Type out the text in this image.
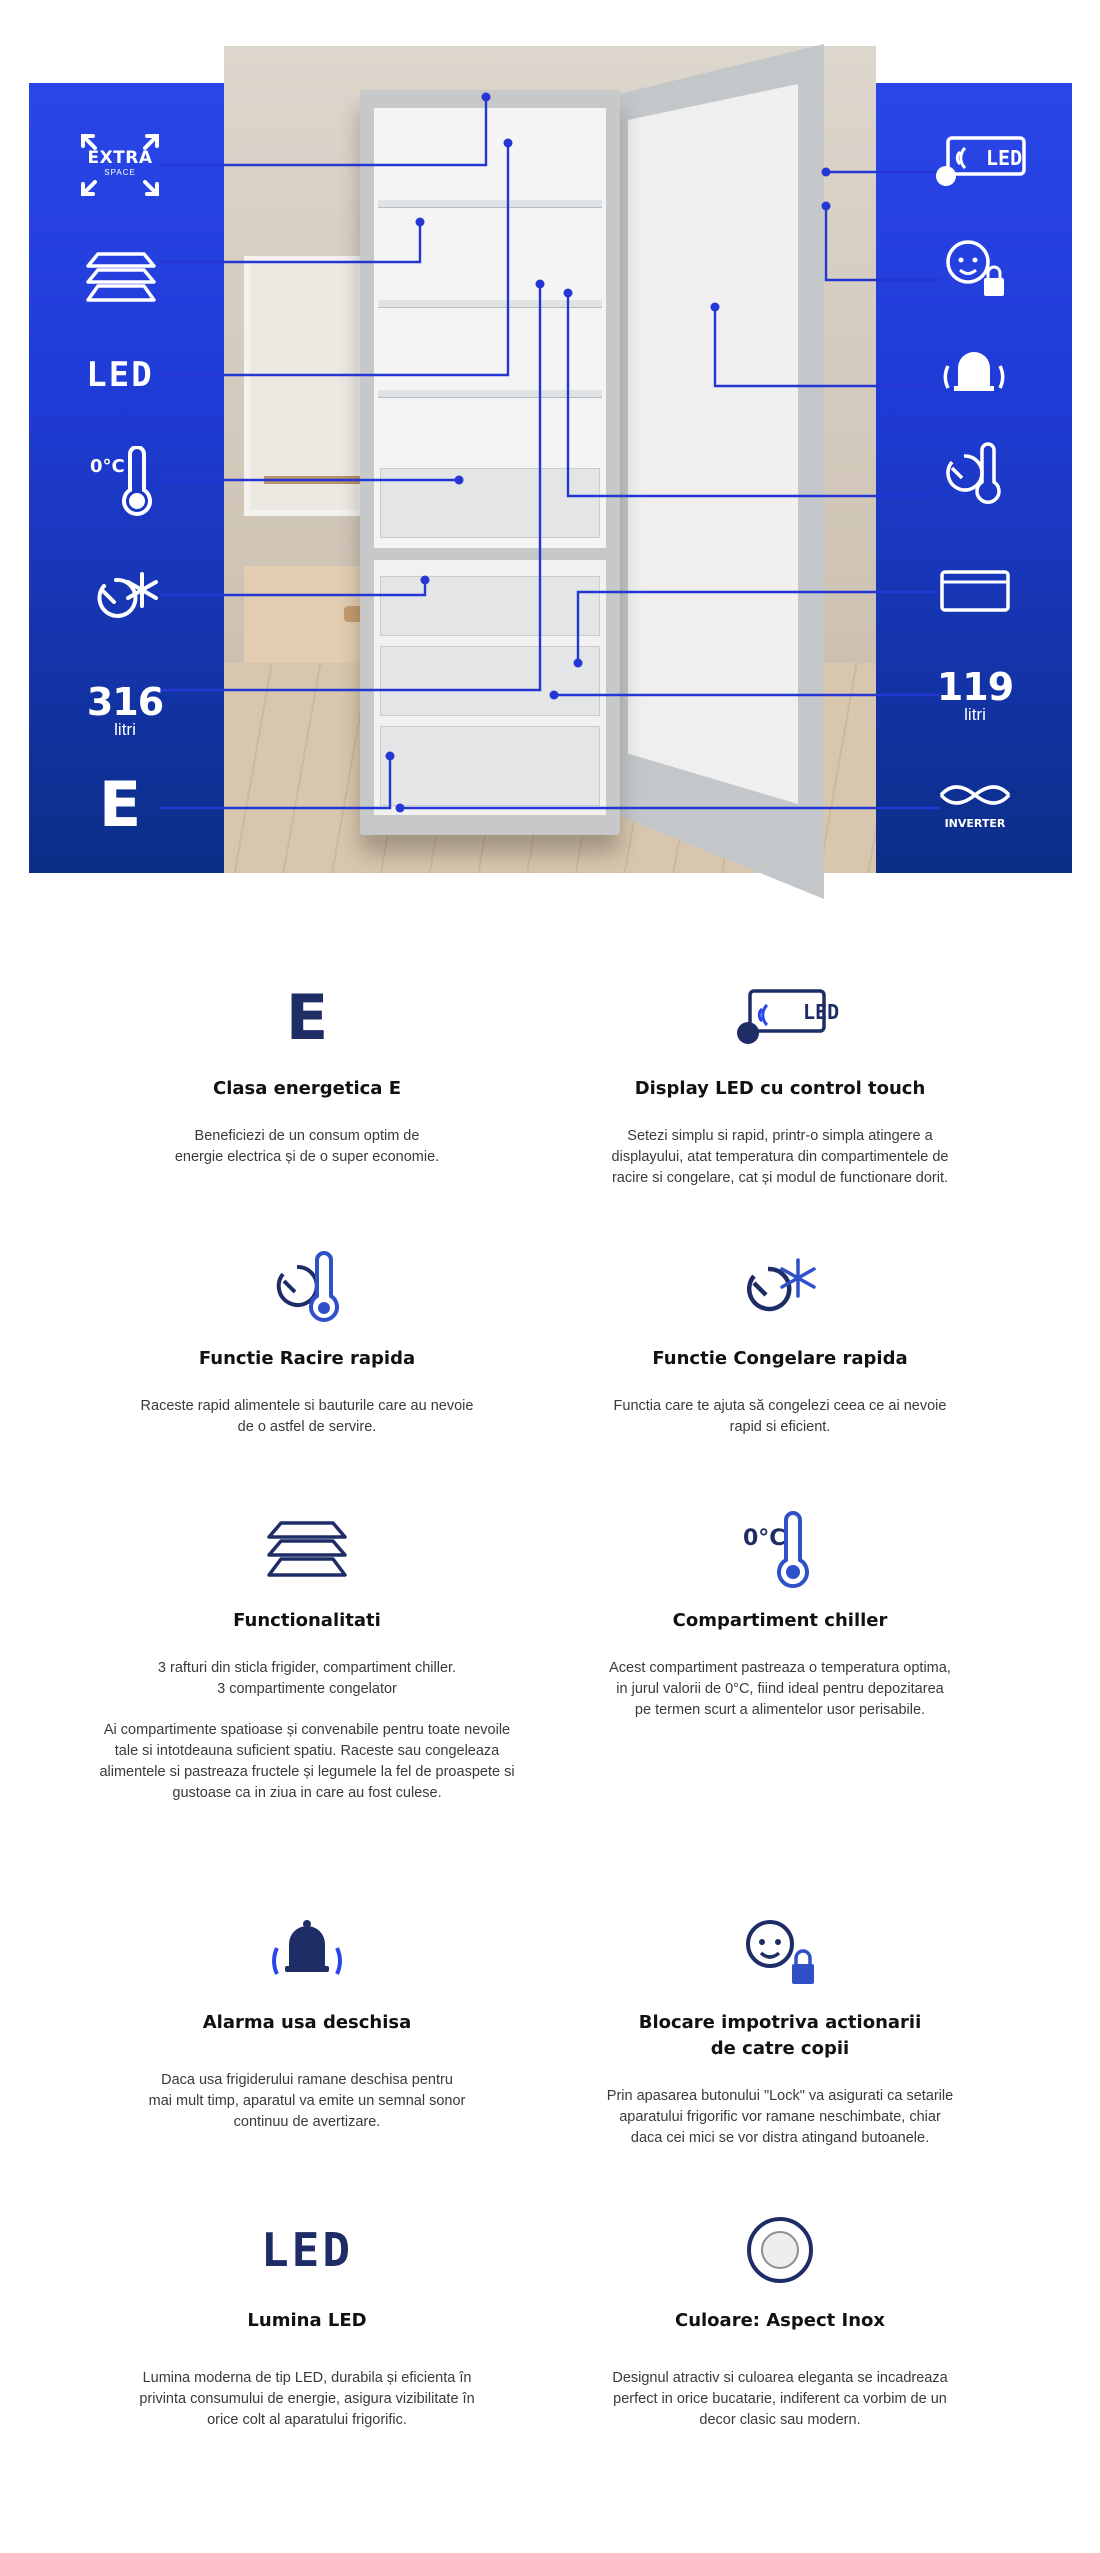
EXTRA
SPACE
LED
0°C
316
litri
E
LED
119
litri
INVERTER
E
Clasa energetica E

Beneficiezi de un consum optim de
energie electrica și de o super economie.

LED
Display LED cu control touch

Setezi simplu si rapid, printr-o simpla atingere a
displayului, atat temperatura din compartimentele de
racire si congelare, cat și modul de functionare dorit.

Functie Racire rapida

Raceste rapid alimentele si bauturile care au nevoie
de o astfel de servire.

Functie Congelare rapida

Functia care te ajuta să congelezi ceea ce ai nevoie
rapid si eficient.

Functionalitati

3 rafturi din sticla frigider, compartiment chiller.
3 compartimente congelator

Ai compartimente spatioase și convenabile pentru toate nevoile
tale si intotdeauna suficient spatiu. Raceste sau congeleaza
alimentele si pastreaza fructele și legumele la fel de proaspete si
gustoase ca in ziua in care au fost culese.

0°C
Compartiment chiller

Acest compartiment pastreaza o temperatura optima,
in jurul valorii de 0°C, fiind ideal pentru depozitarea
pe termen scurt a alimentelor usor perisabile.

Alarma usa deschisa

Daca usa frigiderului ramane deschisa pentru
mai mult timp, aparatul va emite un semnal sonor
continuu de avertizare.

Blocare impotriva actionarii
de catre copii

Prin apasarea butonului "Lock" va asigurati ca setarile
aparatului frigorific vor ramane neschimbate, chiar
daca cei mici se vor distra atingand butoanele.

LED
Lumina LED

Lumina moderna de tip LED, durabila și eficienta în
privinta consumului de energie, asigura vizibilitate în
orice colt al aparatului frigorific.

Culoare: Aspect Inox

Designul atractiv si culoarea eleganta se incadreaza
perfect in orice bucatarie, indiferent ca vorbim de un
decor clasic sau modern.
